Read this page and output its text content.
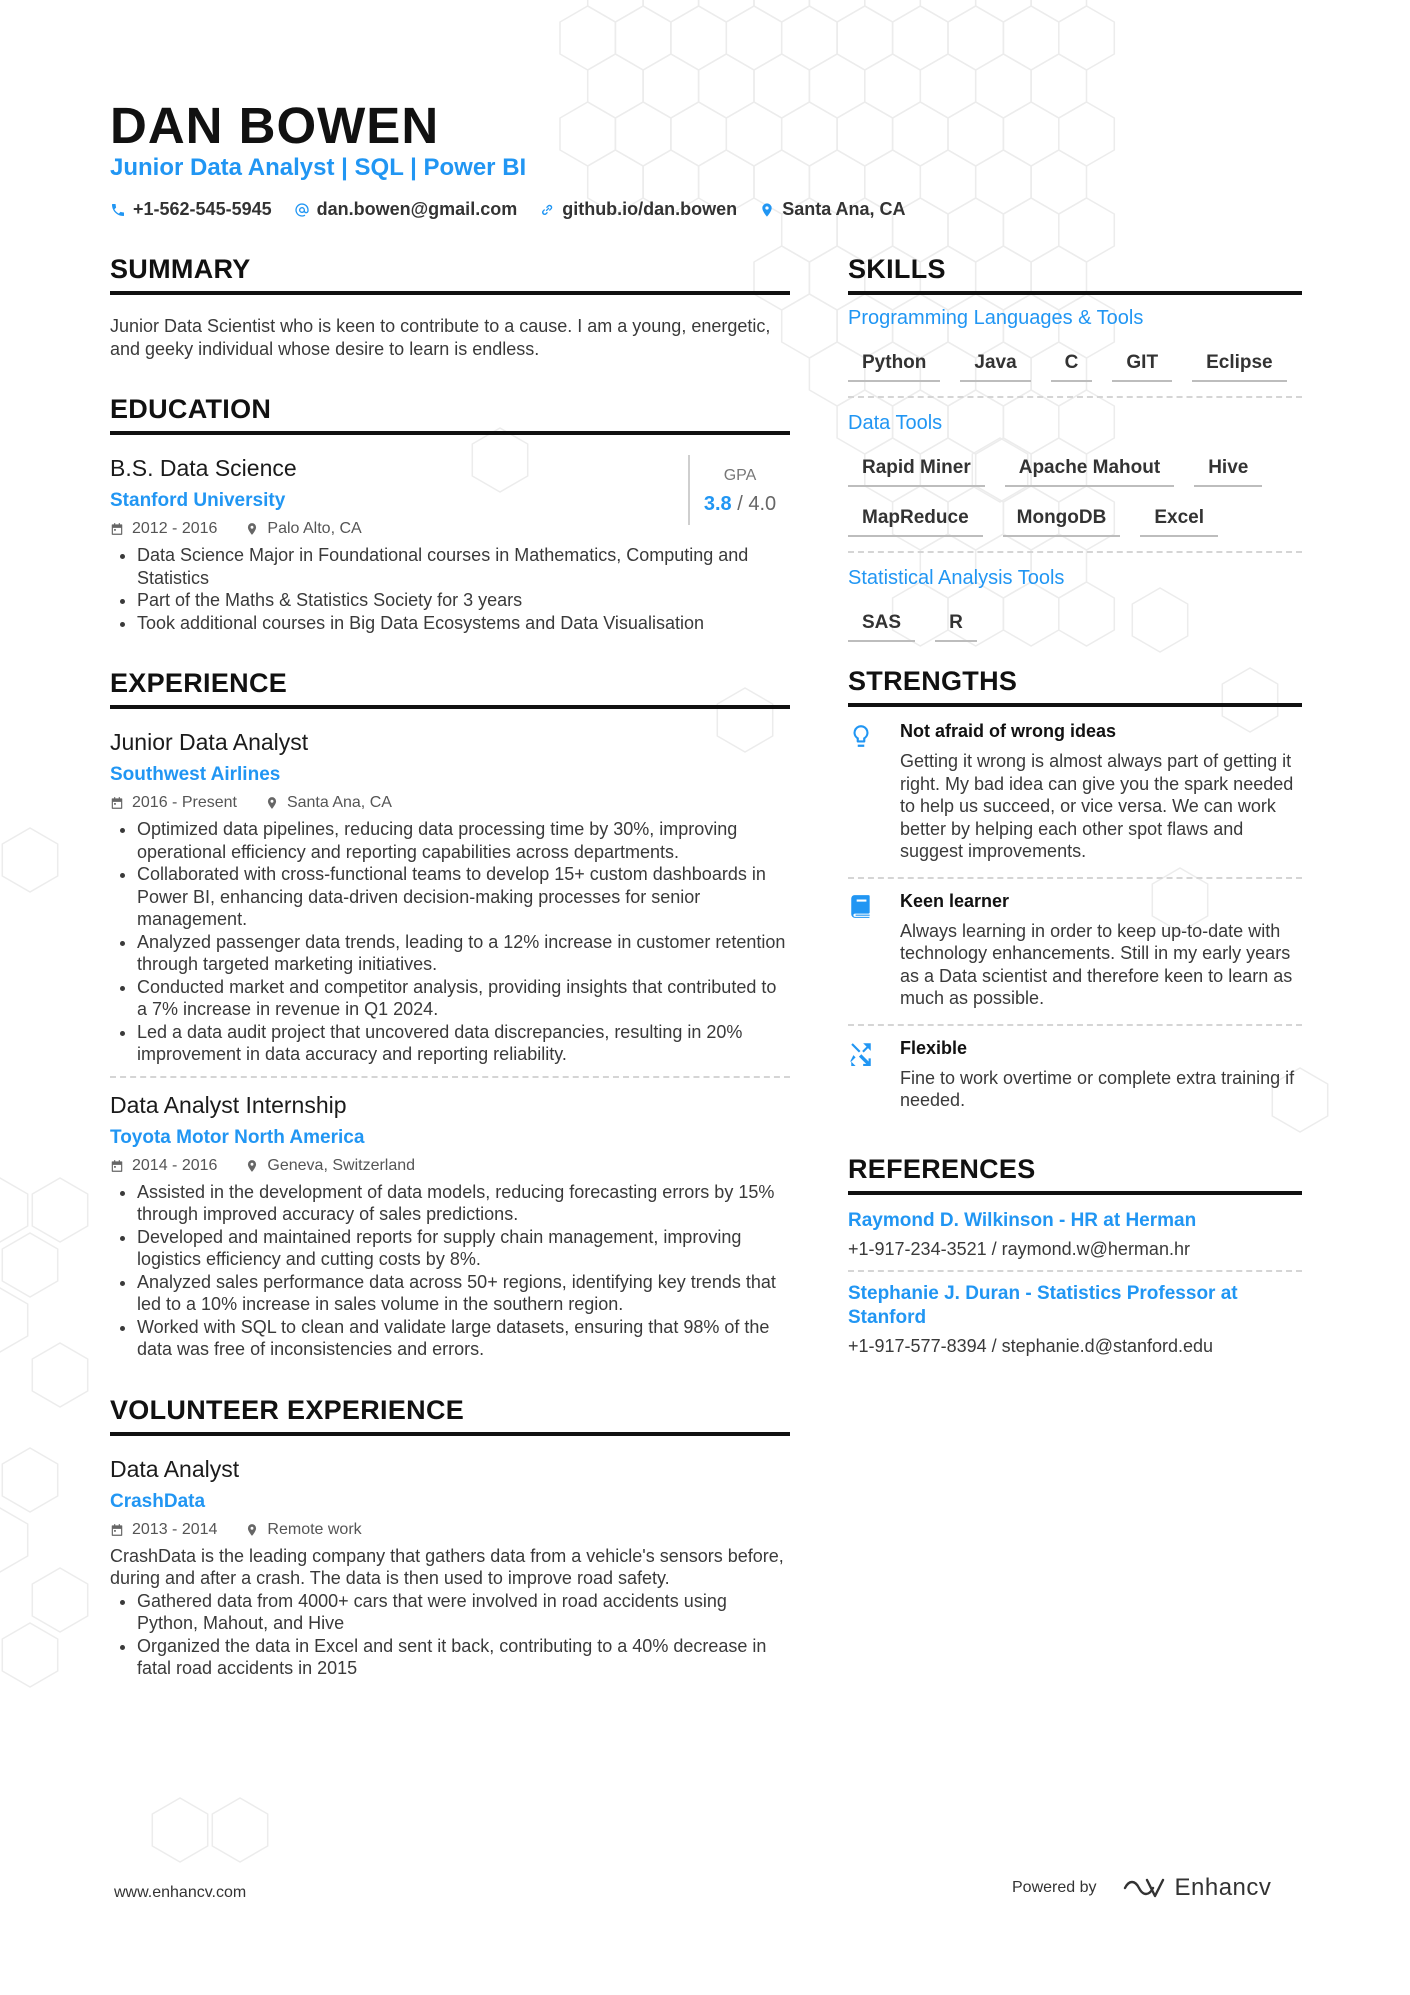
DAN BOWEN
Junior Data Analyst | SQL | Power BI
+1-562-545-5945	dan.bowen@gmail.com	github.io/dan.bowen	Santa Ana, CA
SUMMARY
Junior Data Scientist who is keen to contribute to a cause. I am a young, energetic, and geeky individual whose desire to learn is endless.
EDUCATION
B.S. Data Science
Stanford University
2012 - 2016	Palo Alto, CA
GPA
3.8 / 4.0
• Data Science Major in Foundational courses in Mathematics, Computing and Statistics
• Part of the Maths & Statistics Society for 3 years
• Took additional courses in Big Data Ecosystems and Data Visualisation
EXPERIENCE
Junior Data Analyst
Southwest Airlines
2016 - Present	Santa Ana, CA
• Optimized data pipelines, reducing data processing time by 30%, improving operational efficiency and reporting capabilities across departments.
• Collaborated with cross-functional teams to develop 15+ custom dashboards in Power BI, enhancing data-driven decision-making processes for senior management.
• Analyzed passenger data trends, leading to a 12% increase in customer retention through targeted marketing initiatives.
• Conducted market and competitor analysis, providing insights that contributed to a 7% increase in revenue in Q1 2024.
• Led a data audit project that uncovered data discrepancies, resulting in 20% improvement in data accuracy and reporting reliability.
Data Analyst Internship
Toyota Motor North America
2014 - 2016	Geneva, Switzerland
• Assisted in the development of data models, reducing forecasting errors by 15% through improved accuracy of sales predictions.
• Developed and maintained reports for supply chain management, improving logistics efficiency and cutting costs by 8%.
• Analyzed sales performance data across 50+ regions, identifying key trends that led to a 10% increase in sales volume in the southern region.
• Worked with SQL to clean and validate large datasets, ensuring that 98% of the data was free of inconsistencies and errors.
VOLUNTEER EXPERIENCE
Data Analyst
CrashData
2013 - 2014	Remote work
CrashData is the leading company that gathers data from a vehicle's sensors before, during and after a crash. The data is then used to improve road safety.
• Gathered data from 4000+ cars that were involved in road accidents using Python, Mahout, and Hive
• Organized the data in Excel and sent it back, contributing to a 40% decrease in fatal road accidents in 2015
SKILLS
Programming Languages & Tools
Python	Java	C	GIT	Eclipse
Data Tools
Rapid Miner	Apache Mahout	Hive
MapReduce	MongoDB	Excel
Statistical Analysis Tools
SAS	R
STRENGTHS
Not afraid of wrong ideas
Getting it wrong is almost always part of getting it right. My bad idea can give you the spark needed to help us succeed, or vice versa. We can work better by helping each other spot flaws and suggest improvements.
Keen learner
Always learning in order to keep up-to-date with technology enhancements. Still in my early years as a Data scientist and therefore keen to learn as much as possible.
Flexible
Fine to work overtime or complete extra training if needed.
REFERENCES
Raymond D. Wilkinson - HR at Herman
+1-917-234-3521 / raymond.w@herman.hr
Stephanie J. Duran - Statistics Professor at Stanford
+1-917-577-8394 / stephanie.d@stanford.edu
www.enhancv.com	Powered by	Enhancv
